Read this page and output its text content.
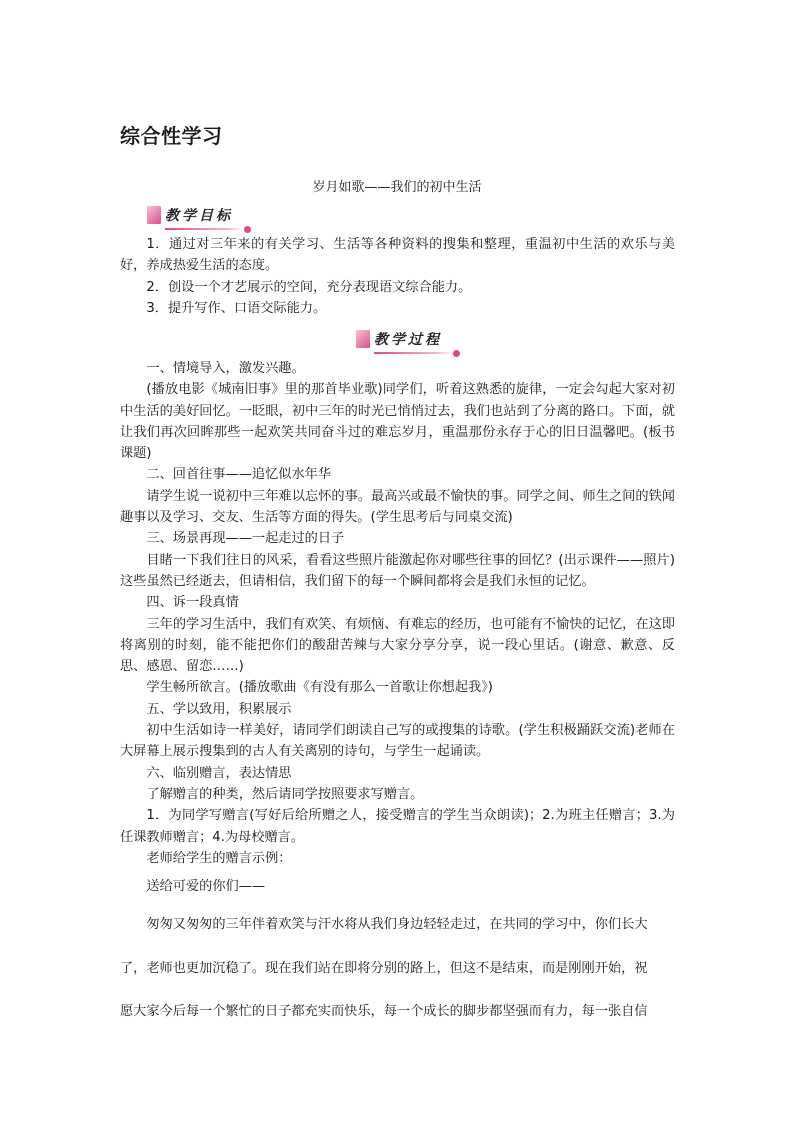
综合性学习
岁月如歌——我们的初中生活
教学目标

1．通过对三年来的有关学习、生活等各种资料的搜集和整理，重温初中生活的欢乐与美好，养成热爱生活的态度。

2．创设一个才艺展示的空间，充分表现语文综合能力。

3．提升写作、口语交际能力。

教学过程

一、情境导入，激发兴趣。

(播放电影《城南旧事》里的那首毕业歌)同学们，听着这熟悉的旋律，一定会勾起大家对初中生活的美好回忆。一眨眼，初中三年的时光已悄悄过去，我们也站到了分离的路口。下面，就让我们再次回眸那些一起欢笑共同奋斗过的难忘岁月，重温那份永存于心的旧日温馨吧。(板书课题)

二、回首往事——追忆似水年华

请学生说一说初中三年难以忘怀的事。最高兴或最不愉快的事。同学之间、师生之间的铁闻趣事以及学习、交友、生活等方面的得失。(学生思考后与同桌交流)

三、场景再现——一起走过的日子

目睹一下我们往日的风采，看看这些照片能激起你对哪些往事的回忆？(出示课件——照片)这些虽然已经逝去，但请相信，我们留下的每一个瞬间都将会是我们永恒的记忆。

四、诉一段真情

三年的学习生活中，我们有欢笑、有烦恼、有难忘的经历，也可能有不愉快的记忆，在这即将离别的时刻，能不能把你们的酸甜苦辣与大家分享分享，说一段心里话。(谢意、歉意、反思、感恩、留恋……)

学生畅所欲言。(播放歌曲《有没有那么一首歌让你想起我》)

五、学以致用，积累展示

初中生活如诗一样美好，请同学们朗读自己写的或搜集的诗歌。(学生积极踊跃交流)老师在大屏幕上展示搜集到的古人有关离别的诗句，与学生一起诵读。

六、临别赠言，表达情思

了解赠言的种类，然后请同学按照要求写赠言。

1．为同学写赠言(写好后给所赠之人，接受赠言的学生当众朗读)；2.为班主任赠言；3.为任课教师赠言；4.为母校赠言。

老师给学生的赠言示例：

送给可爱的你们——

匆匆又匆匆的三年伴着欢笑与汗水将从我们身边轻轻走过，在共同的学习中，你们长大

了，老师也更加沉稳了。现在我们站在即将分别的路上，但这不是结束，而是刚刚开始，祝

愿大家今后每一个繁忙的日子都充实而快乐，每一个成长的脚步都坚强而有力，每一张自信
